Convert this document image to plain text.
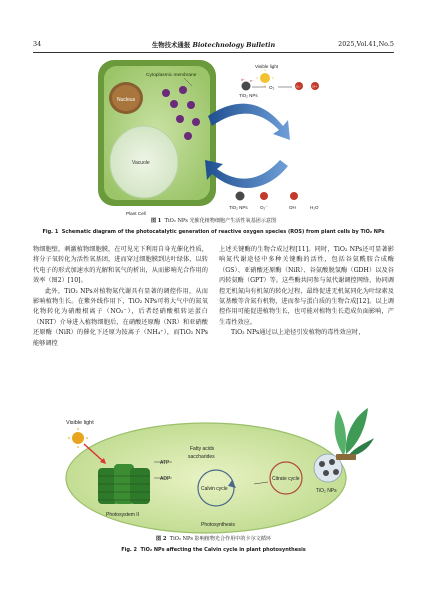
34	生物技术通报 Biotechnology Bulletin	2025,Vol.41,No.5
Nucleus
Vacuole
Cytoplasmic membrane
Visible light
TiO₂ NPs
e⁻
h⁺
O₂	O₂⁻	OH
TiO₂ NPs	O₂⁻	OH	H₂O
Plant Cell
图 1 TiO₂ NPs 光催化植物细胞产生活性氧基团示意图
Fig. 1 Schematic diagram of the photocatalytic generation of reactive oxygen species (ROS) from plant cells by TiO₂ NPs

物细胞壁，刺激植物细胞膜，在可见光下利用自身光催化性质，将分子氧转化为活性氧基团，进而穿过细胞膜到达叶绿体，以转代电子的形式加速水的光解和氧气的析出，从而影响光合作用的效率（图2）[10]。

此外，TiO₂ NPs对植物氮代谢具有显著的调控作用，从而影响植物生长。在紫外线作用下，TiO₂ NPs可将大气中的氮氧化物转化为硝酸根离子（NO₃⁻），后者经硝酸根转运蛋白（NRT）介导进入植物细胞后，在硝酸还原酶（NR）和亚硝酸还原酶（NiR）的催化下还原为铵离子（NH₄⁺），而TiO₂ NPs能够调控

上述关键酶的生物合成过程[11]。同时，TiO₂ NPs还可显著影响氮代谢途径中多种关键酶的活性，包括谷氨酰胺合成酶（GS）、亚硝酸还原酶（NiR）、谷氨酸脱氢酶（GDH）以及谷丙转氨酶（GPT）等。这些酶共同参与氮代谢调控网络，协同调控无机氮向有机氮的转化过程，最终促进无机氮同化为叶绿素及氨基酸等含氮有机物，进而参与蛋白质的生物合成[12]。以上调控作用可能促进植物生长，也可能对植物生长造成负面影响，产生毒性效应。

TiO₂ NPs通过以上途径引发植物的毒性效应时，

Visible light
Photosystem II
ATP
ADP
Fatty acids
saccharides
Calvin cycle
Photosynthesis
Citrate cycle
TiO₂ NPs
图 2 TiO₂ NPs 影响植物光合作用中的卡尔文循环
Fig. 2 TiO₂ NPs affecting the Calvin cycle in plant photosynthesis
